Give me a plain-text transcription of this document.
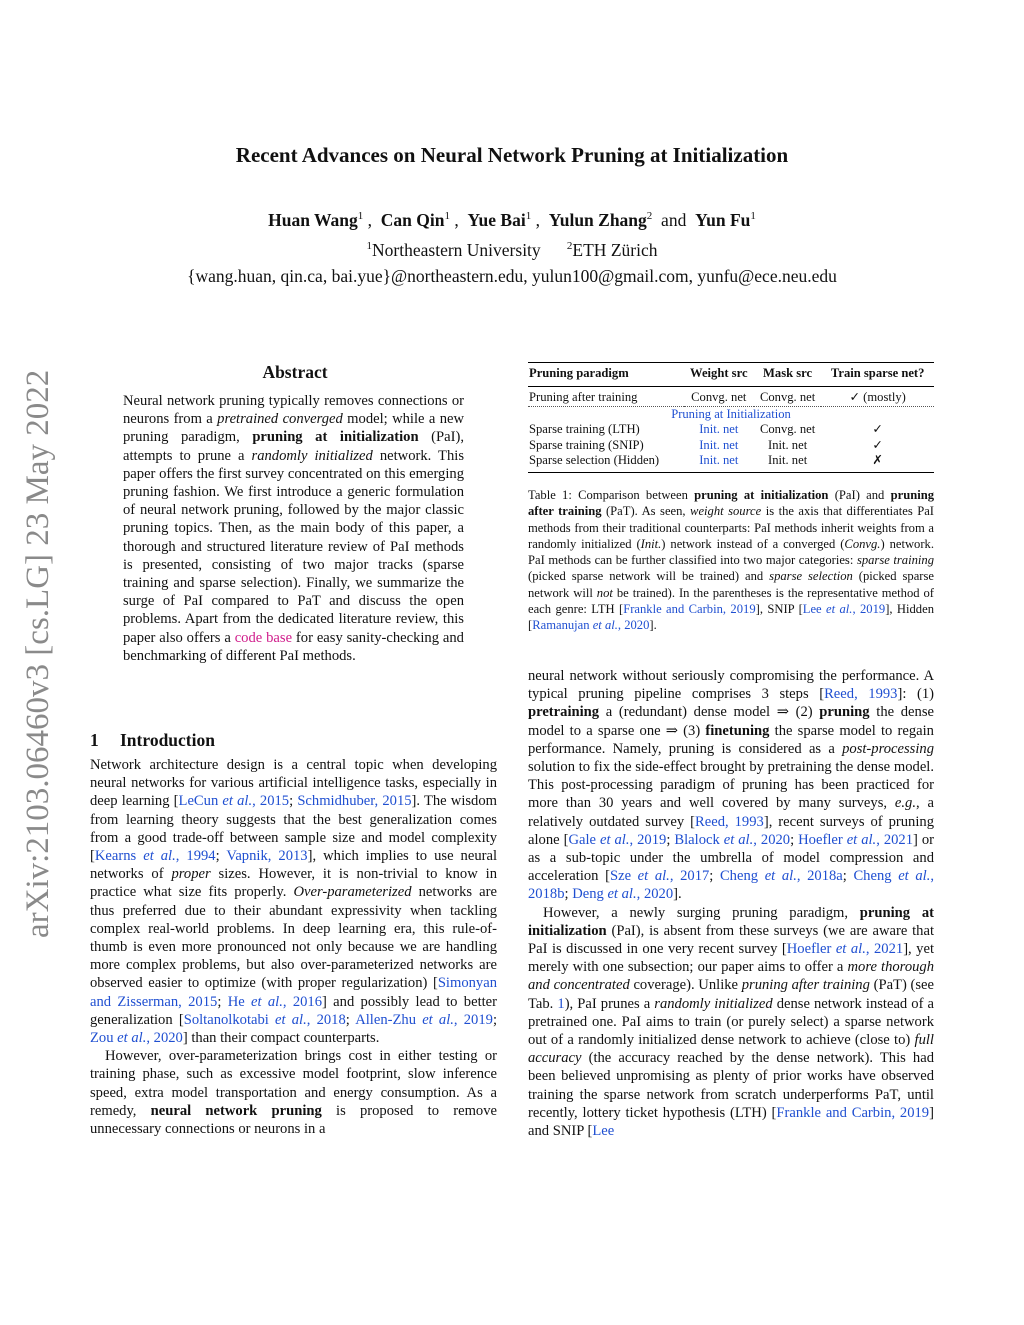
Recent Advances on Neural Network Pruning at Initialization
Huan Wang$^1$ ,  Can Qin$^1$ ,  Yue Bai$^1$ ,  Yulun Zhang$^2$ and Yun Fu$^1$
$^1$Northeastern University $^2$ETH Zürich
{wang.huan, qin.ca, bai.yue}@northeastern.edu, yulun100@gmail.com, yunfu@ece.neu.edu
arXiv:2103.06460v3 [cs.LG] 23 May 2022	Abstract

Neural network pruning typically removes connections or neurons from a pretrained converged model; while a new pruning paradigm, pruning at initialization (PaI), attempts to prune a randomly initialized network. This paper offers the first survey concentrated on this emerging pruning fashion. We first introduce a generic formulation of neural network pruning, followed by the major classic pruning topics. Then, as the main body of this paper, a thorough and structured literature review of PaI methods is presented, consisting of two major tracks (sparse training and sparse selection). Finally, we summarize the surge of PaI compared to PaT and discuss the open problems. Apart from the dedicated literature review, this paper also offers a code base for easy sanity-checking and benchmarking of different PaI methods.

1 Introduction

Network architecture design is a central topic when developing neural networks for various artificial intelligence tasks, especially in deep learning [LeCun et al., 2015; Schmidhuber, 2015]. The wisdom from learning theory suggests that the best generalization comes from a good trade-off between sample size and model complexity [Kearns et al., 1994; Vapnik, 2013], which implies to use neural networks of proper sizes. However, it is non-trivial to know in practice what size fits properly. Over-parameterized networks are thus preferred due to their abundant expressivity when tackling complex real-world problems. In deep learning era, this rule-of-thumb is even more pronounced not only because we are handling more complex problems, but also over-parameterized networks are observed easier to optimize (with proper regularization) [Simonyan and Zisserman, 2015; He et al., 2016] and possibly lead to better generalization [Soltanolkotabi et al., 2018; Allen-Zhu et al., 2019; Zou et al., 2020] than their compact counterparts.

However, over-parameterization brings cost in either testing or training phase, such as excessive model footprint, slow inference speed, extra model transportation and energy consumption. As a remedy, neural network pruning is proposed to remove unnecessary connections or neurons in a

Pruning paradigm	Weight src	Mask src	Train sparse net?

Pruning after training	Convg. net	Convg. net	✓ (mostly)
Pruning at Initialization			
Sparse training (LTH)	Init. net	Convg. net	✓
Sparse training (SNIP)	Init. net	Init. net	✓
Sparse selection (Hidden)	Init. net	Init. net	✗
Table 1: Comparison between pruning at initialization (PaI) and pruning after training (PaT). As seen, weight source is the axis that differentiates PaI methods from their traditional counterparts: PaI methods inherit weights from a randomly initialized (Init.) network instead of a converged (Convg.) network. PaI methods can be further classified into two major categories: sparse training (picked sparse network will be trained) and sparse selection (picked sparse network will not be trained). In the parentheses is the representative method of each genre: LTH [Frankle and Carbin, 2019], SNIP [Lee et al., 2019], Hidden [Ramanujan et al., 2020].

neural network without seriously compromising the performance. A typical pruning pipeline comprises 3 steps [Reed, 1993]: (1) pretraining a (redundant) dense model ⇒ (2) pruning the dense model to a sparse one ⇒ (3) finetuning the sparse model to regain performance. Namely, pruning is considered as a post-processing solution to fix the side-effect brought by pretraining the dense model. This post-processing paradigm of pruning has been practiced for more than 30 years and well covered by many surveys, e.g., a relatively outdated survey [Reed, 1993], recent surveys of pruning alone [Gale et al., 2019; Blalock et al., 2020; Hoefler et al., 2021] or as a sub-topic under the umbrella of model compression and acceleration [Sze et al., 2017; Cheng et al., 2018a; Cheng et al., 2018b; Deng et al., 2020].

However, a newly surging pruning paradigm, pruning at initialization (PaI), is absent from these surveys (we are aware that PaI is discussed in one very recent survey [Hoefler et al., 2021], yet merely with one subsection; our paper aims to offer a more thorough and concentrated coverage). Unlike pruning after training (PaT) (see Tab. 1), PaI prunes a randomly initialized dense network instead of a pretrained one. PaI aims to train (or purely select) a sparse network out of a randomly initialized dense network to achieve (close to) full accuracy (the accuracy reached by the dense network). This had been believed unpromising as plenty of prior works have observed training the sparse network from scratch underperforms PaT, until recently, lottery ticket hypothesis (LTH) [Frankle and Carbin, 2019] and SNIP [Lee
